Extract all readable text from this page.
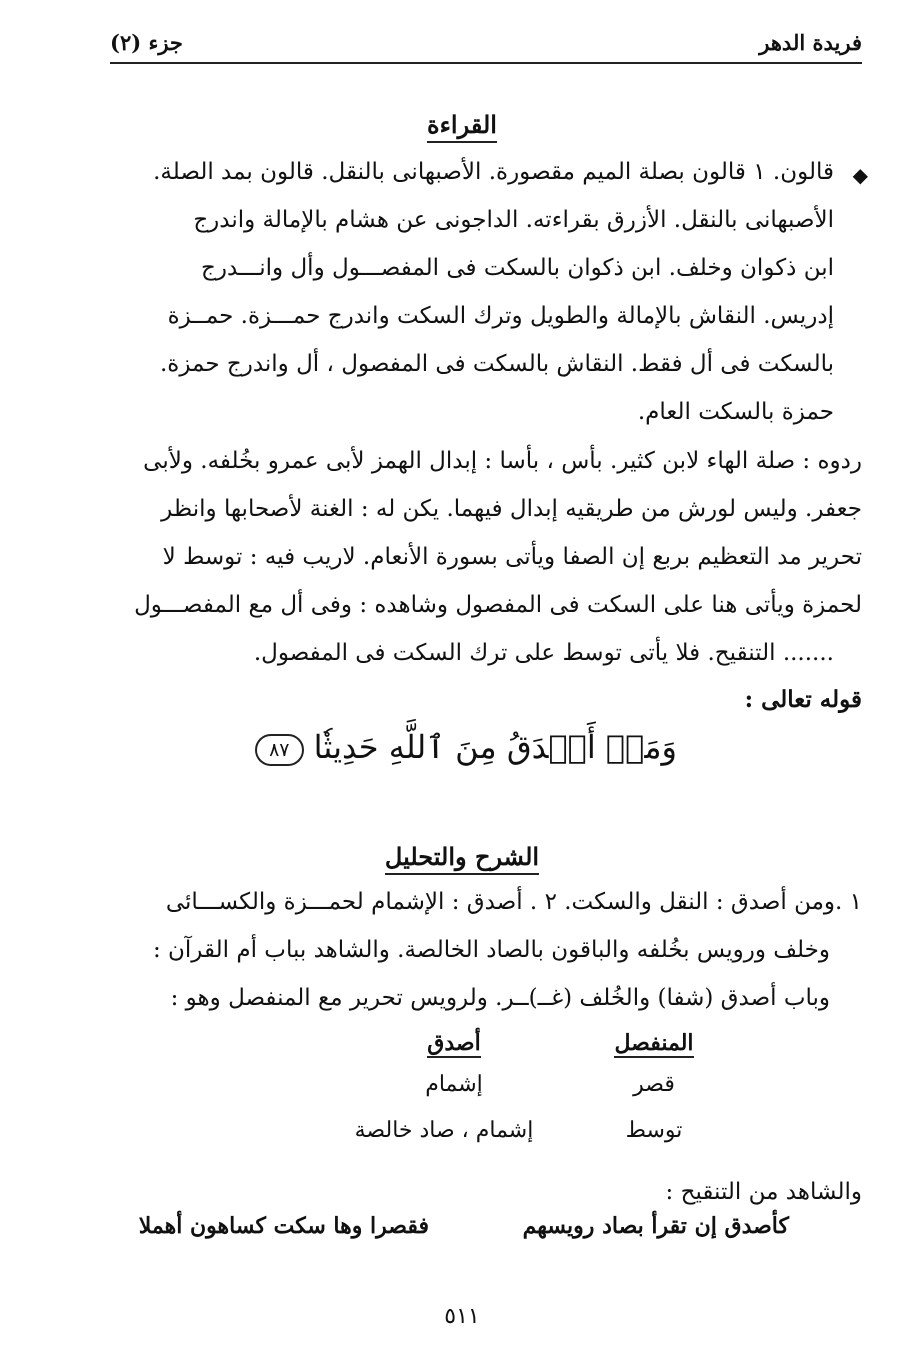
فريدة الدهر
جزء (٢)
القراءة
◆
قالون. ١ قالون بصلة الميم مقصورة. الأصبهانى بالنقل. قالون بمد الصلة.
الأصبهانى بالنقل. الأزرق بقراءته. الداجونى عن هشام بالإمالة واندرج
ابن ذكوان وخلف. ابن ذكوان بالسكت فى المفصـــول وأل وانـــدرج
إدريس. النقاش بالإمالة والطويل وترك السكت واندرج حمـــزة. حمــزة
بالسكت فى أل فقط. النقاش بالسكت فى المفصول ، أل واندرج حمزة.
حمزة بالسكت العام.
ردوه : صلة الهاء لابن كثير. بأس ، بأسا : إبدال الهمز لأبى عمرو بخُلفه. ولأبى
جعفر. وليس لورش من طريقيه إبدال فيهما. يكن له : الغنة لأصحابها وانظر
تحرير مد التعظيم بربع إن الصفا ويأتى بسورة الأنعام. لاريب فيه : توسط لا
لحمزة ويأتى هنا على السكت فى المفصول وشاهده : وفى أل مع المفصـــول
....... التنقيح. فلا يأتى توسط على ترك السكت فى المفصول.
قوله تعالى :
وَمَنۡ أَصۡدَقُ مِنَ ٱللَّهِ حَدِيثٗا ٨٧
الشرح والتحليل
١ .ومن أصدق : النقل والسكت. ٢ . أصدق : الإشمام لحمـــزة والكســـائى
وخلف ورويس بخُلفه والباقون بالصاد الخالصة. والشاهد بباب أم القرآن :
وباب أصدق (شفا) والخُلف (غــ)ــر. ولرويس تحرير مع المنفصل وهو :
المنفصل
أصدق
قصر
إشمام
توسط
إشمام ، صاد خالصة
والشاهد من التنقيح :
كأصدق إن تقرأ بصاد رويسهم
فقصرا وها سكت كساهون أهملا
٥١١
